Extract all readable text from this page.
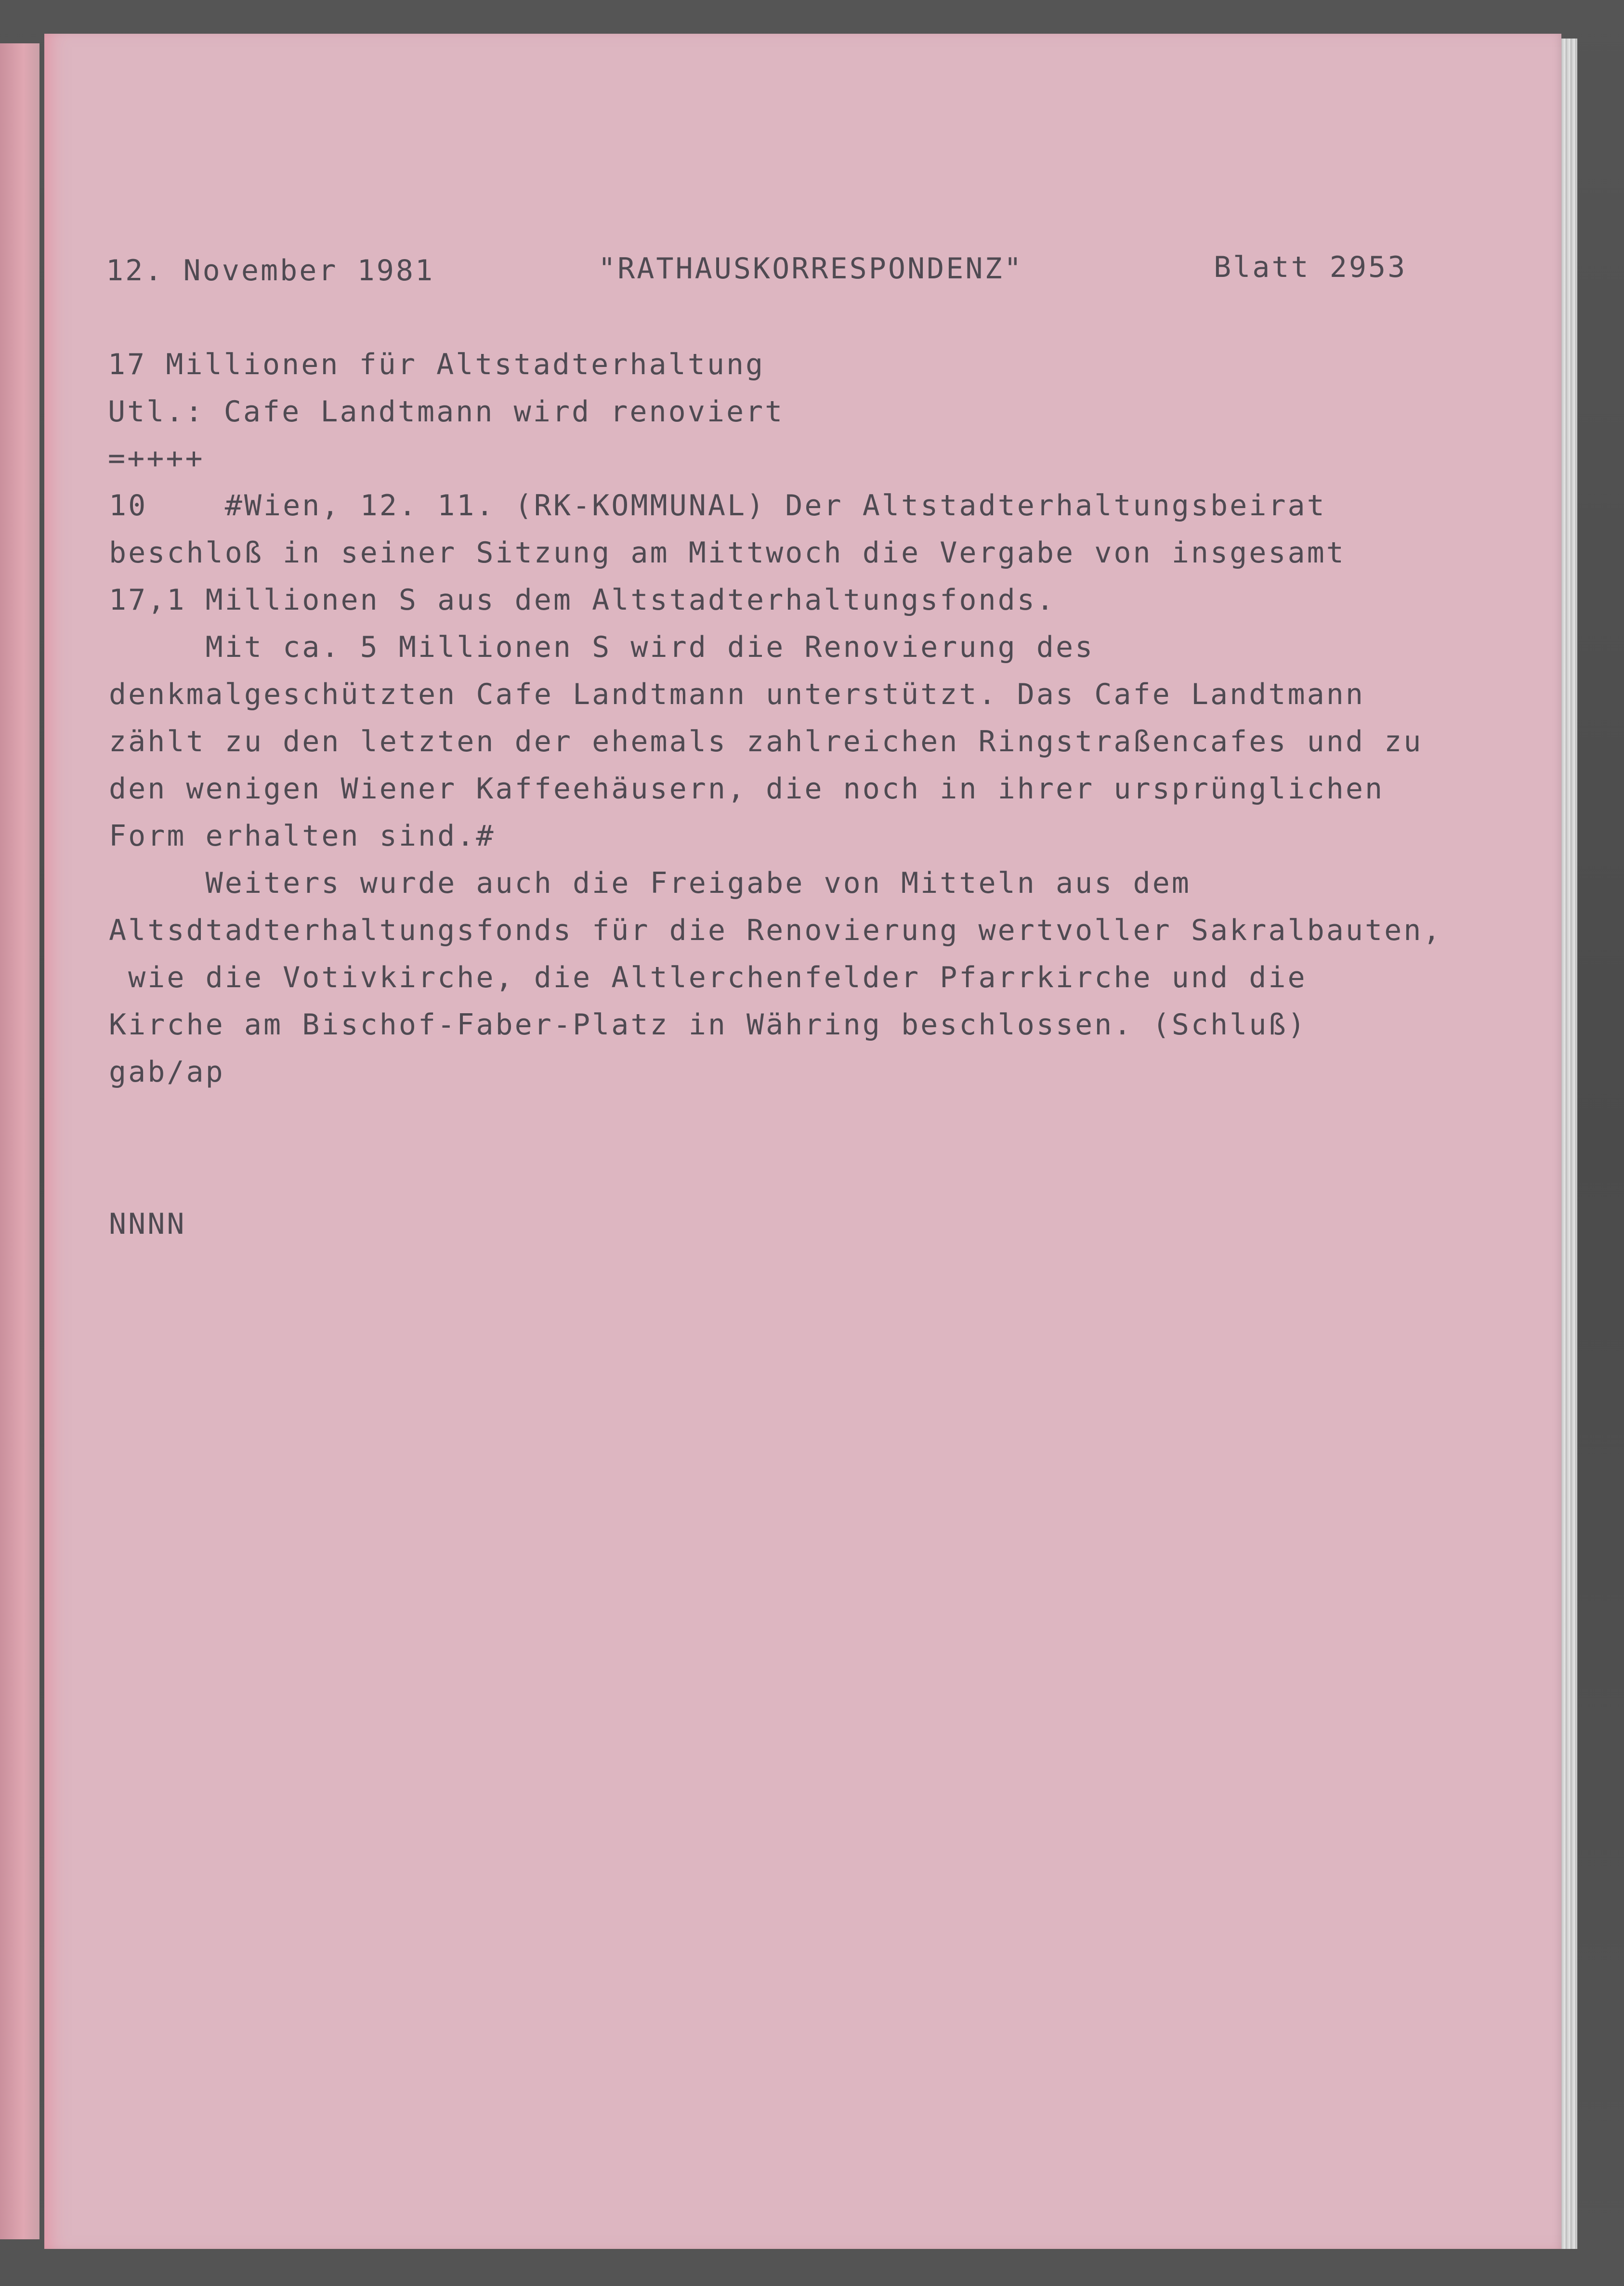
12. November 1981	"RATHAUSKORRESPONDENZ"	Blatt 2953
17 Millionen für Altstadterhaltung
Utl.: Cafe Landtmann wird renoviert
=++++
10    #Wien, 12. 11. (RK-KOMMUNAL) Der Altstadterhaltungsbeirat
beschloß in seiner Sitzung am Mittwoch die Vergabe von insgesamt
17,1 Millionen S aus dem Altstadterhaltungsfonds.
Mit ca. 5 Millionen S wird die Renovierung des
denkmalgeschützten Cafe Landtmann unterstützt. Das Cafe Landtmann
zählt zu den letzten der ehemals zahlreichen Ringstraßencafes und zu
den wenigen Wiener Kaffeehäusern, die noch in ihrer ursprünglichen
Form erhalten sind.#
Weiters wurde auch die Freigabe von Mitteln aus dem
Altsdtadterhaltungsfonds für die Renovierung wertvoller Sakralbauten,
wie die Votivkirche, die Altlerchenfelder Pfarrkirche und die
Kirche am Bischof-Faber-Platz in Währing beschlossen. (Schluß)
gab/ap
NNNN
